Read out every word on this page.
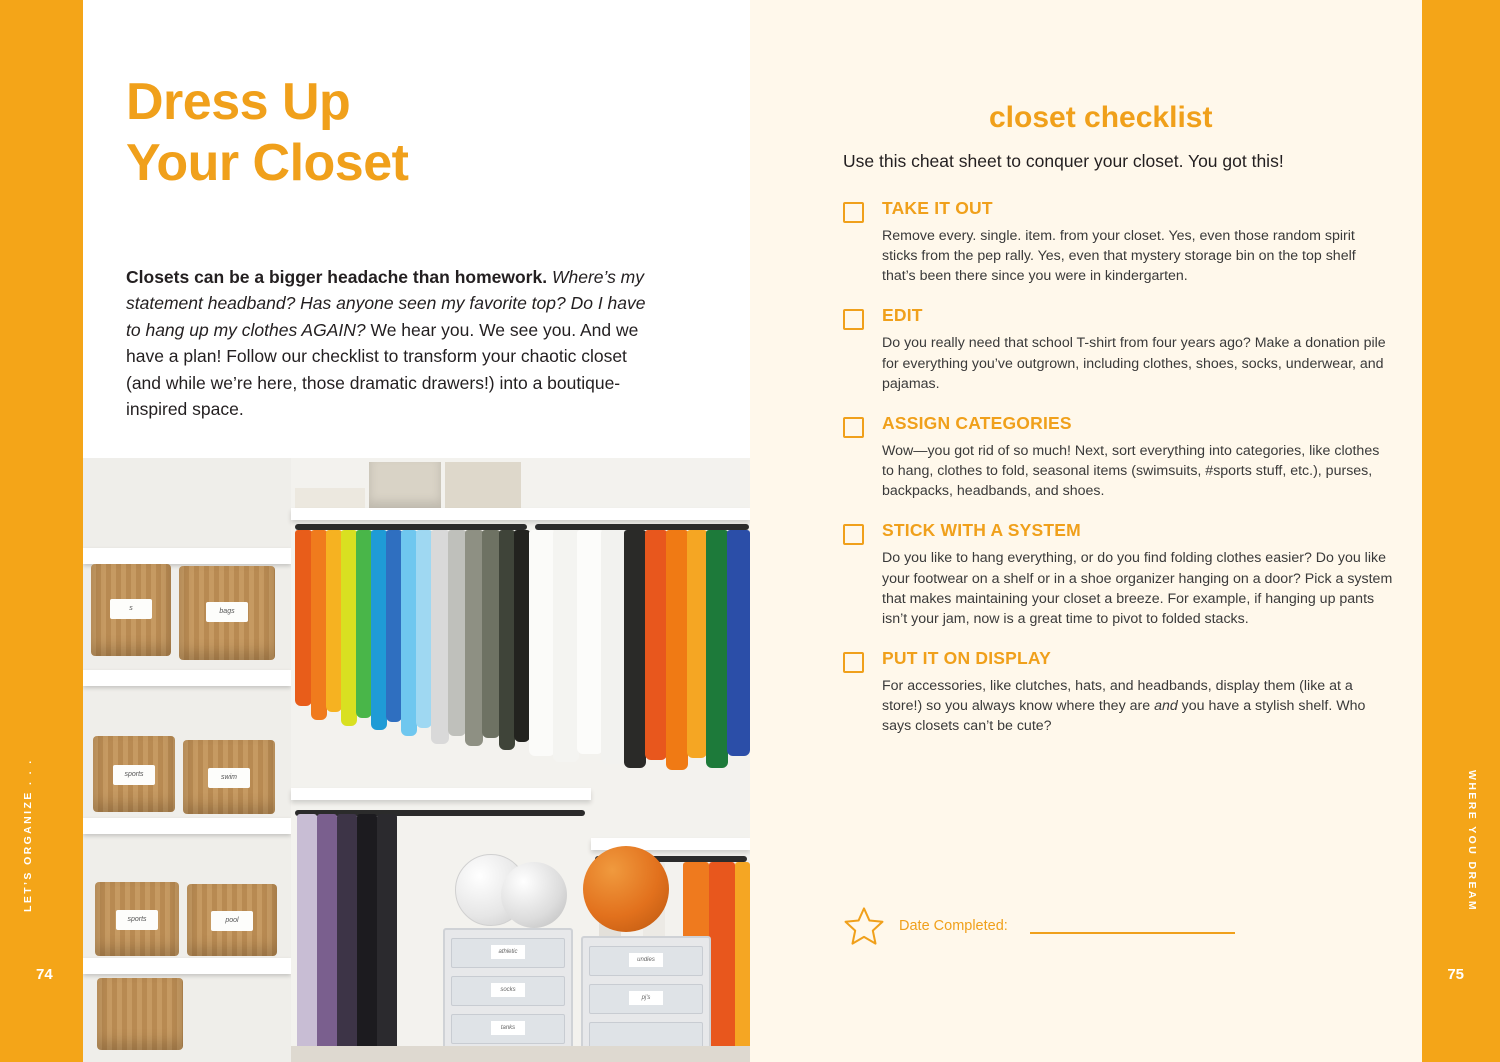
Dress Up
Your Closet

Closets can be a bigger headache than homework. Where’s my statement headband? Has anyone seen my favorite top? Do I have to hang up my clothes AGAIN? We hear you. We see you. And we have a plan! Follow our checklist to transform your chaotic closet (and while we’re here, those dramatic drawers!) into a boutique-inspired space.

s	bags
sports	swim
sports	pool
athletic
socks
tanks
undies
pj's
LET’S ORGANIZE . . .
74
closet checklist

Use this cheat sheet to conquer your closet. You got this!

TAKE IT OUT

Remove every. single. item. from your closet. Yes, even those random spirit sticks from the pep rally. Yes, even that mystery storage bin on the top shelf that’s been there since you were in kindergarten.

EDIT

Do you really need that school T-shirt from four years ago? Make a donation pile for everything you’ve outgrown, including clothes, shoes, socks, underwear, and pajamas.

ASSIGN CATEGORIES

Wow—you got rid of so much! Next, sort everything into categories, like clothes to hang, clothes to fold, seasonal items (swimsuits, #sports stuff, etc.), purses, backpacks, headbands, and shoes.

STICK WITH A SYSTEM

Do you like to hang everything, or do you find folding clothes easier? Do you like your footwear on a shelf or in a shoe organizer hanging on a door? Pick a system that makes maintaining your closet a breeze. For example, if hanging up pants isn’t your jam, now is a great time to pivot to folded stacks.

PUT IT ON DISPLAY

For accessories, like clutches, hats, and headbands, display them (like at a store!) so you always know where they are and you have a stylish shelf. Who says closets can’t be cute?

Date Completed:
WHERE YOU DREAM
75
